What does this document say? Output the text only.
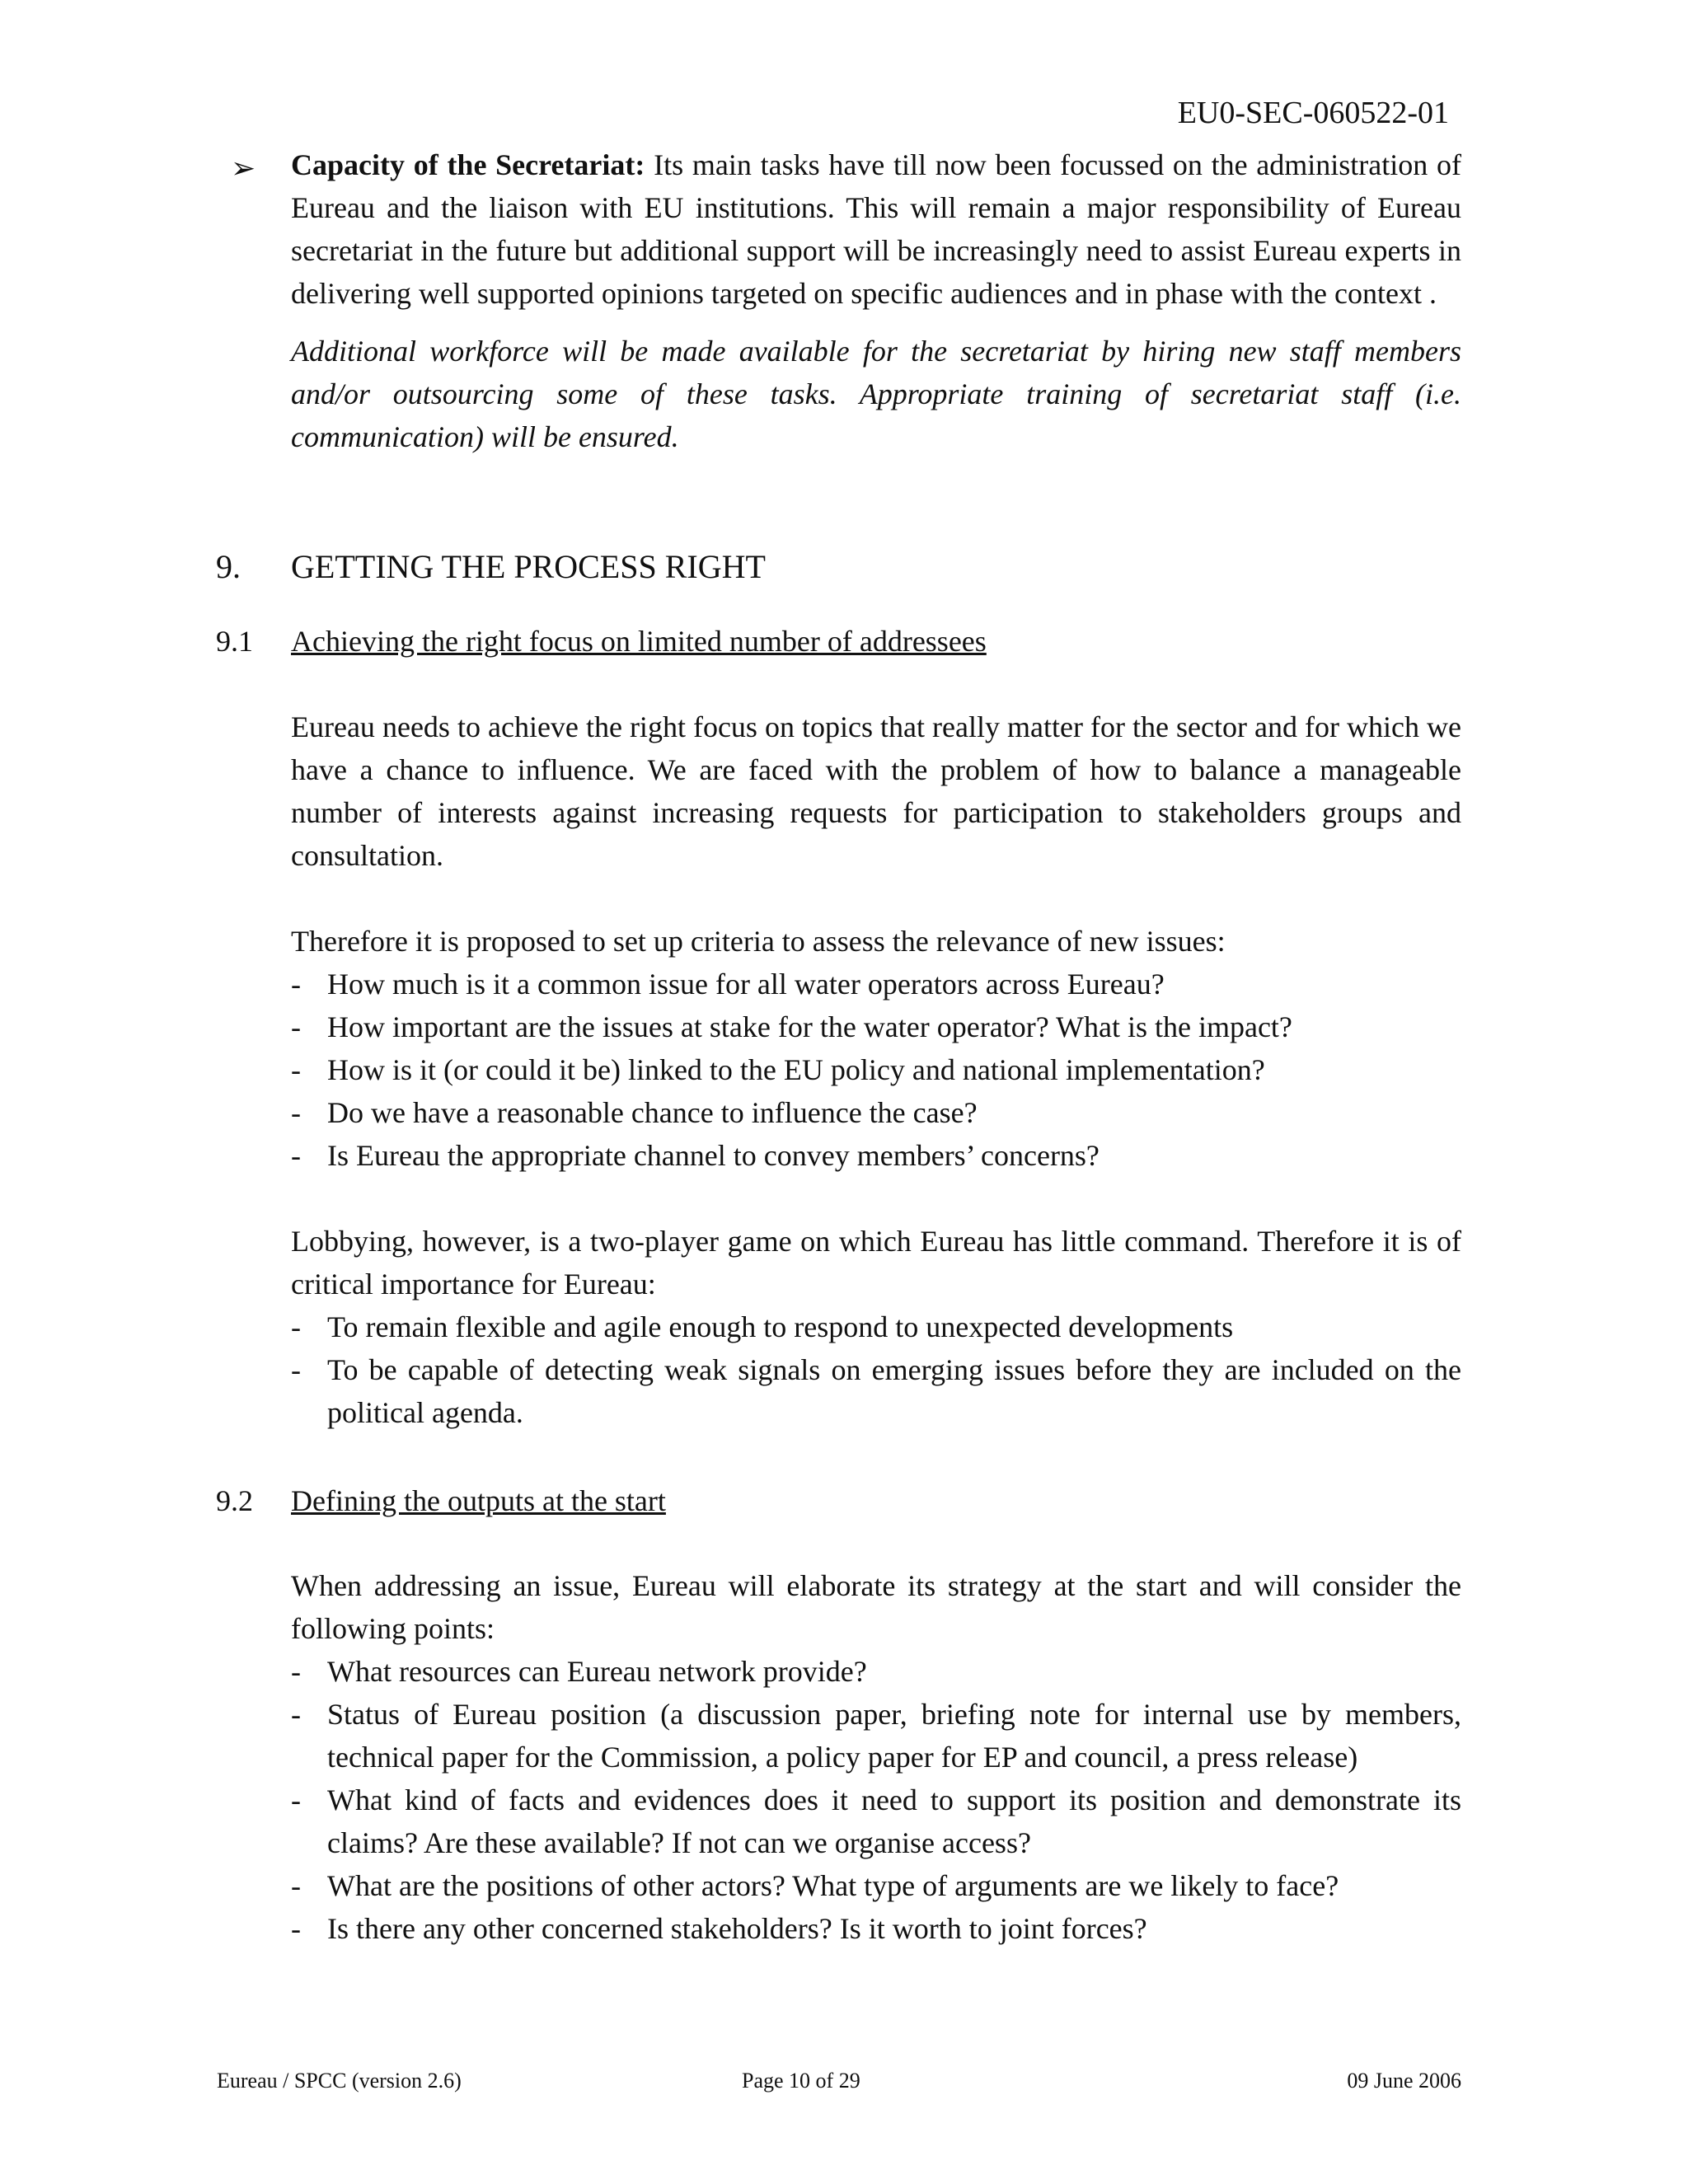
EU0-SEC-060522-01
➢ Capacity of the Secretariat: Its main tasks have till now been focussed on the administration of Eureau and the liaison with EU institutions. This will remain a major responsibility of Eureau secretariat in the future but additional support will be increasingly need to assist Eureau experts in delivering well supported opinions targeted on specific audiences and in phase with the context .

Additional workforce will be made available for the secretariat by hiring new staff members and/or outsourcing some of these tasks. Appropriate training of secretariat staff (i.e. communication) will be ensured.

9. GETTING THE PROCESS RIGHT
9.1 Achieving the right focus on limited number of addressees

Eureau needs to achieve the right focus on topics that really matter for the sector and for which we have a chance to influence. We are faced with the problem of how to balance a manageable number of interests against increasing requests for participation to stakeholders groups and consultation.

Therefore it is proposed to set up criteria to assess the relevance of new issues:

- How much is it a common issue for all water operators across Eureau?
- How important are the issues at stake for the water operator? What is the impact?
- How is it (or could it be) linked to the EU policy and national implementation?
- Do we have a reasonable chance to influence the case?
- Is Eureau the appropriate channel to convey members’ concerns?

Lobbying, however, is a two-player game on which Eureau has little command. Therefore it is of critical importance for Eureau:

- To remain flexible and agile enough to respond to unexpected developments
- To be capable of detecting weak signals on emerging issues before they are included on the political agenda.
9.2 Defining the outputs at the start

When addressing an issue, Eureau will elaborate its strategy at the start and will consider the following points:

- What resources can Eureau network provide?
- Status of Eureau position (a discussion paper, briefing note for internal use by members, technical paper for the Commission, a policy paper for EP and council, a press release)
- What kind of facts and evidences does it need to support its position and demonstrate its claims? Are these available? If not can we organise access?
- What are the positions of other actors? What type of arguments are we likely to face?
- Is there any other concerned stakeholders? Is it worth to joint forces?
Eureau / SPCC (version 2.6)	Page 10 of 29	09 June 2006
